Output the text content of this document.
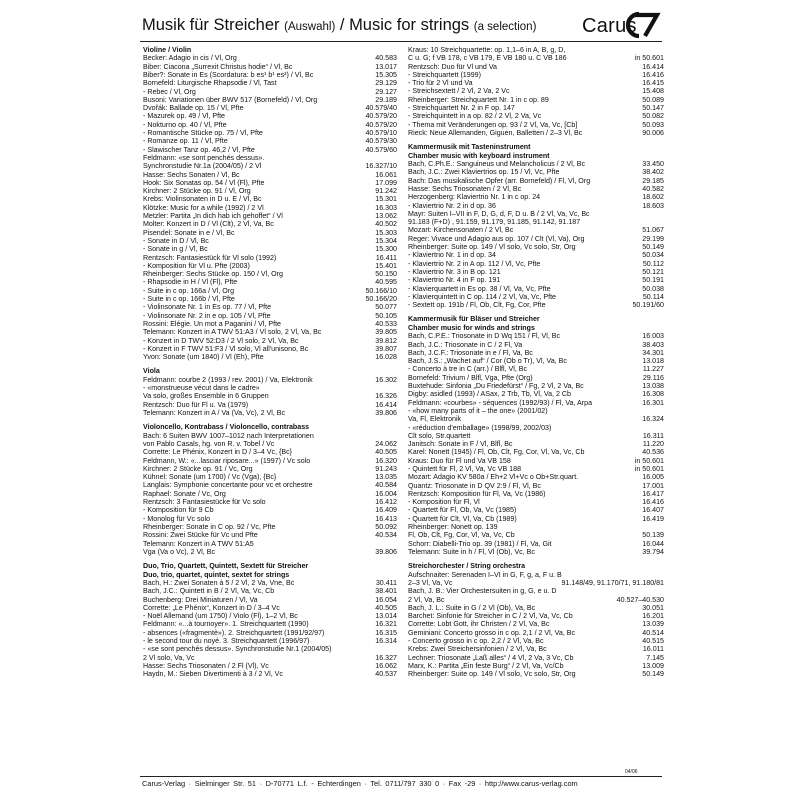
Musik für Streicher (Auswahl) / Music for strings (a selection) Carus
Violine / Violin
Becker: Adagio in cis / Vl, Org	40.583
Biber: Ciacona „Surrexit Christus hodie“ / Vl, Bc	13.017
Biber?: Sonate in Es (Scordatura: b es¹ b¹ es²) / Vl, Bc	15.305
Bornefeld: Liturgische Rhapsodie / Vl, Tast	29.129
- Rebec / Vl, Org	29.127
Busoni: Variationen über BWV 517 (Bornefeld) / Vl, Org	29.189
Dvořák: Ballade op. 15 / Vl, Pfte	40.579/40
- Mazurek op. 49 / Vl, Pfte	40.579/20
- Nokturno op. 40 / Vl, Pfte	40.579/20
- Romantische Stücke op. 75 / Vl, Pfte	40.579/10
- Romanze op. 11 / Vl, Pfte	40.579/30
- Slawischer Tanz op. 46,2 / Vl, Pfte	40.579/60
Feldmann: «se sont penchés dessus».
Synchronstudie Nr.1a (2004/05) / 2 Vl	16.327/10
Hasse: Sechs Sonaten / Vl, Bc	16.061
Hook: Six Sonatas op. 54 / Vl (Fl), Pfte	17.099
Kirchner: 2 Stücke op. 91 / Vl, Org	91.242
Krebs: Violinsonaten in D u. E / Vl, Bc	15.301
Klötzke: Music for a while (1992) / 2 Vl	16.303
Metzler: Partita „In dich hab ich gehoffet“ / Vl	13.062
Molter: Konzert in D / Vl (Clt), 2 Vl, Va, Bc	40.502
Pisendel: Sonate in e / Vl, Bc	15.303
- Sonate in D / Vl, Bc	15.304
- Sonate in g / Vl, Bc	15.300
Rentzsch: Fantasiestück für Vl solo (1992)	16.411
- Komposition für Vl u. Pfte (2003)	15.401
Rheinberger: Sechs Stücke op. 150 / Vl, Org	50.150
- Rhapsodie in H / Vl (Fl), Pfte	40.595
- Suite in c op. 166a / Vl, Org	50.166/10
- Suite in c op. 166b / Vl, Pfte	50.166/20
- Violinsonate Nr. 1 in Es op. 77 / Vl, Pfte	50.077
- Violinsonate Nr. 2 in e op. 105 / Vl, Pfte	50.105
Rossini: Elégie. Un mot a Paganini / Vl, Pfte	40.533
Telemann: Konzert in A TWV 51:A3 / Vl solo, 2 Vl, Va, Bc	39.805
- Konzert in D TWV 52:D3 / 2 Vl solo, 2 Vl, Va, Bc	39.812
- Konzert in F TWV 51:F3 / Vl solo, Vl all'unisono, Bc	39.807
Yvon: Sonate (um 1840) / Vl (Eh), Pfte	16.028
Viola
Feldmann: courbe 2 (1993 / rev. 2001) / Va, Elektronik	16.302
- «monstrueuse vécut dans le cadre»
Va solo, großes Ensemble in 6 Gruppen	16.326
Rentzsch: Duo für Fl u. Va (1979)	16.414
Telemann: Konzert in A / Va (Va, Vc), 2 Vl, Bc	39.806
Violoncello, Kontrabass / Violoncello, contrabass
Bach: 6 Suiten BWV 1007–1012 nach Interpretationen
von Pablo Casals, hg. von R. v. Tobel / Vc	24.062
Corrette: Le Phénix, Konzert in D / 3–4 Vc, {Bc}	40.505
Feldmann, W.: «...lasciar riposare...» (1997) / Vc solo	16.320
Kirchner: 2 Stücke op. 91 / Vc, Org	91.243
Kühnel: Sonate (um 1700) / Vc (Vga), {Bc}	13.035
Langlais: Symphonie concertante pour vc et orchestre	40.584
Raphael: Sonate / Vc, Org	16.004
Rentzsch: 3 Fantasiestücke für Vc solo	16.412
- Komposition für 9 Cb	16.409
- Monolog für Vc solo	16.413
Rheinberger: Sonate in C op. 92 / Vc, Pfte	50.092
Rossini: Zwei Stücke für Vc und Pfte	40.534
Telemann: Konzert in A TWV 51:A5
Vga (Va o Vc), 2 Vl, Bc	39.806
Duo, Trio, Quartett, Quintett, Sextett für Streicher
Duo, trio, quartet, quintet, sextet for strings
Bach, H.: Zwei Sonaten à 5 / 2 Vl, 2 Va, Vne, Bc	30.411
Bach, J.C.: Quintett in B / 2 Vl, Va, Vc, Cb	38.401
Buchenberg: Drei Miniaturen / Vl, Va	16.054
Corrette: „Le Phénix“, Konzert in D / 3–4 Vc	40.505
- Noël Allemand (um 1750) / Violo (Fl), 1–2 Vl, Bc	13.014
Feldmann: «...à tournoyer». 1. Streichquartett (1990)	16.321
- absences («fragmentè»). 2. Streichquartett (1991/92/97)	16.315
- le second tour du noyé. 3. Streichquartett (1996/97)	16.314
- «se sont penchés dessus». Synchronstudie Nr.1 (2004/05)
2 Vl solo, Va, Vc	16.327
Hasse: Sechs Triosonaten / 2 Fl (Vl), Vc	16.062
Haydn, M.: Sieben Divertimenti à 3 / 2 Vl, Vc	40.537
Kraus: 10 Streichquartette: op. 1,1–6 in A, B, g, D,
C u. G; f VB 178, c VB 179, E VB 180 u. C VB 186	in 50.601
Rentzsch: Duo für Vl und Va	16.414
- Streichquartett (1999)	16.416
- Trio für 2 Vl und Va	16.415
- Streichsextett / 2 Vl, 2 Va, 2 Vc	15.408
Rheinberger: Streichquartett Nr. 1 in c op. 89	50.089
- Streichquartett Nr. 2 in F op. 147	50.147
- Streichquintett in a op. 82 / 2 Vl, 2 Va, Vc	50.082
- Thema mit Veränderungen op. 93 / 2 Vl, Va, Vc, [Cb]	50.093
Rieck: Neue Allemanden, Giguen, Balletten / 2–3 Vl, Bc	90.006
Kammermusik mit Tasteninstrument
Chamber music with keyboard instrument
Bach, C.Ph.E.: Sanguineus und Melancholicus / 2 Vl, Bc	33.450
Bach, J.C.: Zwei Klaviertrios op. 15 / Vl, Vc, Pfte	38.402
Bach: Das musikalische Opfer (arr. Bornefeld) / Fl, Vl, Org	29.185
Hasse: Sechs Triosonaten / 2 Vl, Bc	40.582
Herzogenberg: Klaviertrio Nr. 1 in c op. 24	18.602
- Klaviertrio Nr. 2 in d op. 36	18.603
Mayr: Suiten I–VII in F, D, G, d, F, D u. B / 2 Vl, Va, Vc, Bc
91.183 (F+D) , 91.159, 91.179, 91.185, 91.142, 91.187
Mozart: Kirchensonaten / 2 Vl, Bc	51.067
Reger: Vivace und Adagio aus op. 107 / Clt (Vl, Va), Org	29.199
Rheinberger: Suite op. 149 / Vl solo, Vc solo, Str, Org	50.149
- Klaviertrio Nr. 1 in d op. 34	50.034
- Klaviertrio Nr. 2 in A op. 112 / Vl, Vc, Pfte	50.112
- Klaviertrio Nr. 3 in B op. 121	50.121
- Klaviertrio Nr. 4 in F op. 191	50.191
- Klavierquartett in Es op. 38 / Vl, Va, Vc, Pfte	50.038
- Klavierquintett in C op. 114 / 2 Vl, Va, Vc, Pfte	50.114
- Sextett op. 191b / Fl, Ob, Clt, Fg, Cor, Pfte	50.191/60
Kammermusik für Bläser und Streicher
Chamber music for winds and strings
Bach, C.P.E.: Triosonate in D Wq 151 / Fl, Vl, Bc	16.003
Bach, J.C.: Triosonate in C / 2 Fl, Va	38.403
Bach, J.C.F.: Triosonate in e / Fl, Va, Bc	34.301
Bach, J.S.: „Wachet auf“ / Cor (Ob o Tr), Vl, Va, Bc	13.018
- Concerto à tre in C (arr.) / Blfl, Vl, Bc	11.227
Bornefeld: Trivium / Blfl, Vga, Pfte (Org)	29.116
Buxtehude: Sinfonia „Du Friedefürst“ / Fg, 2 Vl, 2 Va, Bc	13.038
Digby: asidled (1993) / ASax, 2 Trb, Tb, Vl, Va, 2 Cb	16.308
Feldmann: «courbes» - séquences (1992/93) / Fl, Va, Arpa	16.301
- «how many parts of it – the one» (2001/02)
Va, Fl, Elektronik	16.324
- «réduction d'emballage» (1998/99, 2002/03)
Clt solo, Str.quartett	16.311
Janitsch: Sonate in F / Vl, Blfl, Bc	11.220
Karel: Nonett (1945) / Fl, Ob, Clt, Fg, Cor, Vl, Va, Vc, Cb	40.536
Kraus: Duo für Fl und Va VB 158	in 50.601
- Quintett für Fl, 2 Vl, Va, Vc VB 188	in 50.601
Mozart: Adagio KV 580a / Eh+2 Vl+Vc o Ob+Str.quart.	16.005
Quantz: Triosonate in D QV 2:9 / Fl, Vl, Bc	17.001
Rentzsch: Komposition für Fl, Va, Vc (1986)	16.417
- Komposition für Fl, Vl	16.416
- Quartett für Fl, Ob, Va, Vc (1985)	16.407
- Quartett für Clt, Vl, Va, Cb (1989)	16.419
Rheinberger: Nonett op. 139
Fl, Ob, Clt, Fg, Cor, Vl, Va, Vc, Cb	50.139
Schorr: Diabelli-Trio op. 39 (1981) / Fl, Va, Git	16.044
Telemann: Suite in h / Fl, Vl (Ob), Vc, Bc	39.794
Streichorchester / String orchestra
Aufschnaiter: Serenaden I–VI in G, F, g, a, F u. B
2–3 Vl, Va, Vc	91.148/49, 91.170/71, 91.180/81
Bach, J. B.: Vier Orchestersuiten in g, G, e u. D
2 Vl, Va, Bc	40.527–40.530
Bach, J. L.: Suite in G / 2 Vl (Ob), Va, Bc	30.051
Barchet: Sinfonie für Streicher in C / 2 Vl, Va, Vc, Cb	16.201
Corrette: Lobt Gott, ihr Christen / 2 Vl, Va, Bc	13.039
Geminiani: Concerto grosso in c op. 2,1 / 2 Vl, Va, Bc	40.514
- Concerto grosso in c op. 2,2 / 2 Vl, Va, Bc	40.515
Krebs: Zwei Streichersinfonien / 2 Vl, Va, Bc	16.011
Lechner: Triosonate „Laß alles“ / 4 Vl, 2 Va, 3 Vc, Cb	7.145
Marx, K.: Partita „Ein feste Burg“ / 2 Vl, Va, Vc/Cb	13.009
Rheinberger: Suite op. 149 / Vl solo, Vc solo, Str, Org	50.149
04/06
Carus-Verlag · Sielminger Str. 51 · D-70771 L.f. - Echterdingen · Tel. 0711/797 330 0 · Fax -29 · http://www.carus-verlag.com
